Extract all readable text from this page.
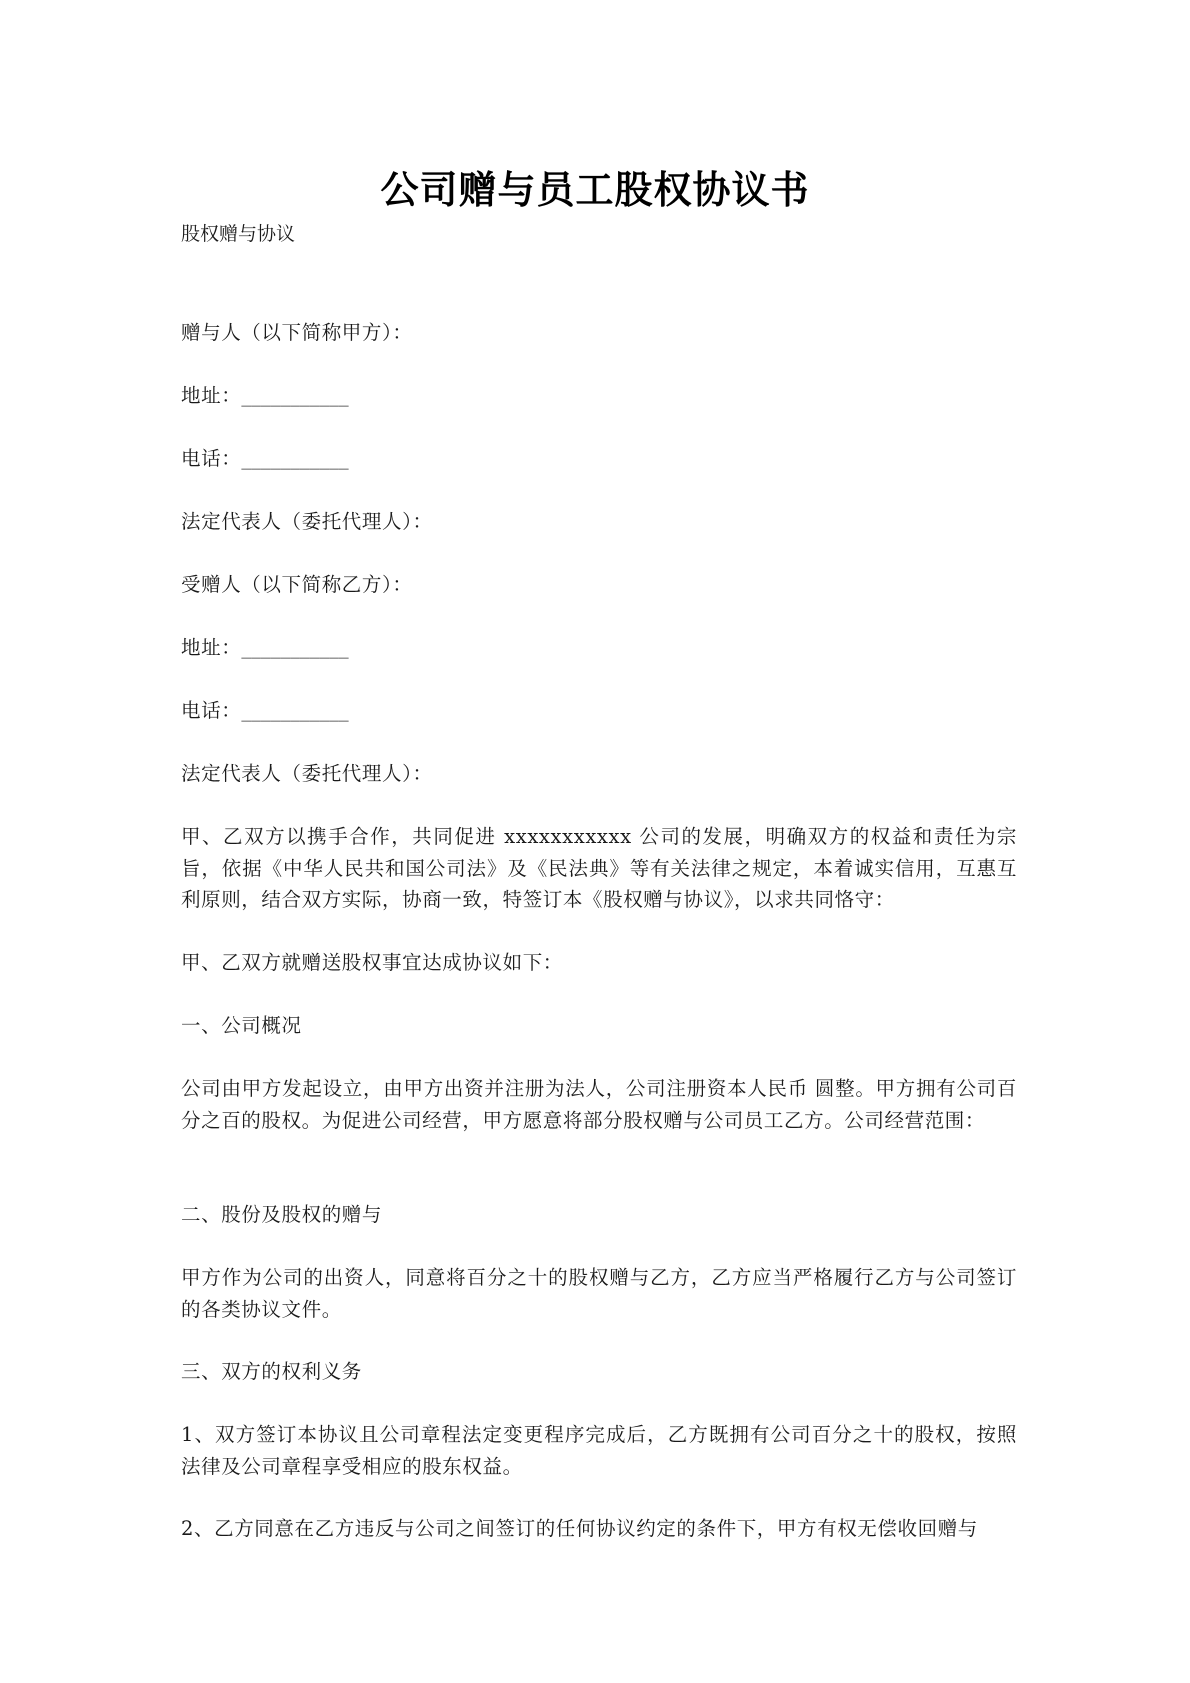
公司赠与员工股权协议书
股权赠与协议
赠与人（以下简称甲方）：
地址：___________
电话：___________
法定代表人（委托代理人）：
受赠人（以下简称乙方）：
地址：___________
电话：___________
法定代表人（委托代理人）：
甲、乙双方以携手合作，共同促进 xxxxxxxxxxx 公司的发展，明确双方的权益和责任为宗旨，依据《中华人民共和国公司法》及《民法典》等有关法律之规定，本着诚实信用，互惠互利原则，结合双方实际，协商一致，特签订本《股权赠与协议》，以求共同恪守：
甲、乙双方就赠送股权事宜达成协议如下：
一、公司概况
公司由甲方发起设立，由甲方出资并注册为法人，公司注册资本人民币 圆整。甲方拥有公司百分之百的股权。为促进公司经营，甲方愿意将部分股权赠与公司员工乙方。公司经营范围：
二、股份及股权的赠与
甲方作为公司的出资人，同意将百分之十的股权赠与乙方，乙方应当严格履行乙方与公司签订的各类协议文件。
三、双方的权利义务
1、双方签订本协议且公司章程法定变更程序完成后，乙方既拥有公司百分之十的股权，按照法律及公司章程享受相应的股东权益。
2、乙方同意在乙方违反与公司之间签订的任何协议约定的条件下，甲方有权无偿收回赠与
